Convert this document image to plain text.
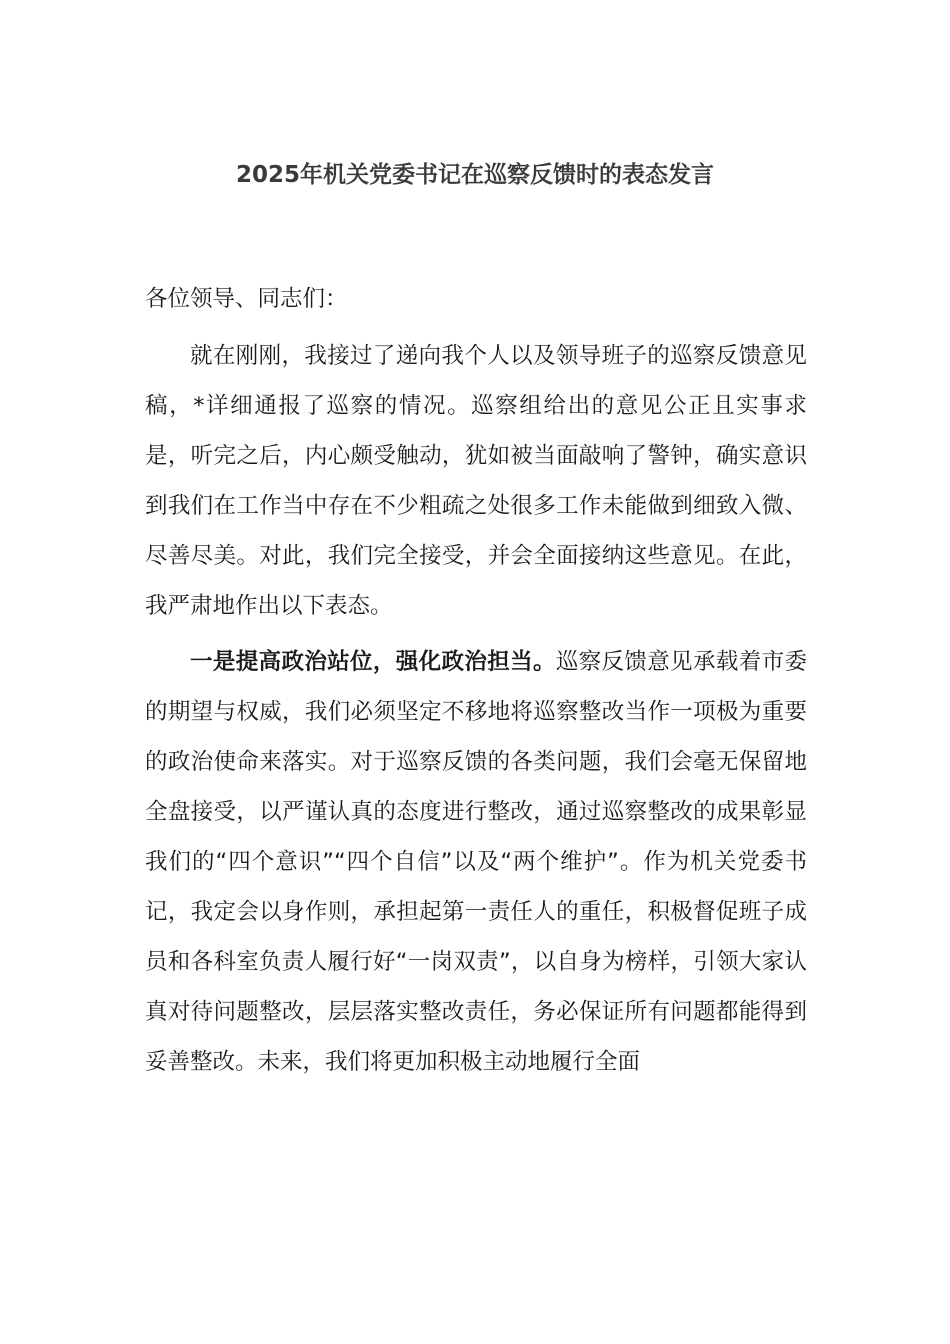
2025年机关党委书记在巡察反馈时的表态发言

各位领导、同志们：

就在刚刚，我接过了递向我个人以及领导班子的巡察反馈意见稿，*详细通报了巡察的情况。巡察组给出的意见公正且实事求是，听完之后，内心颇受触动，犹如被当面敲响了警钟，确实意识到我们在工作当中存在不少粗疏之处很多工作未能做到细致入微、尽善尽美。对此，我们完全接受，并会全面接纳这些意见。在此，我严肃地作出以下表态。

一是提高政治站位，强化政治担当。巡察反馈意见承载着市委的期望与权威，我们必须坚定不移地将巡察整改当作一项极为重要的政治使命来落实。对于巡察反馈的各类问题，我们会毫无保留地全盘接受，以严谨认真的态度进行整改，通过巡察整改的成果彰显我们的“四个意识”“四个自信”以及“两个维护”。作为机关党委书记，我定会以身作则，承担起第一责任人的重任，积极督促班子成员和各科室负责人履行好“一岗双责”，以自身为榜样，引领大家认真对待问题整改，层层落实整改责任，务必保证所有问题都能得到妥善整改。未来，我们将更加积极主动地履行全面
